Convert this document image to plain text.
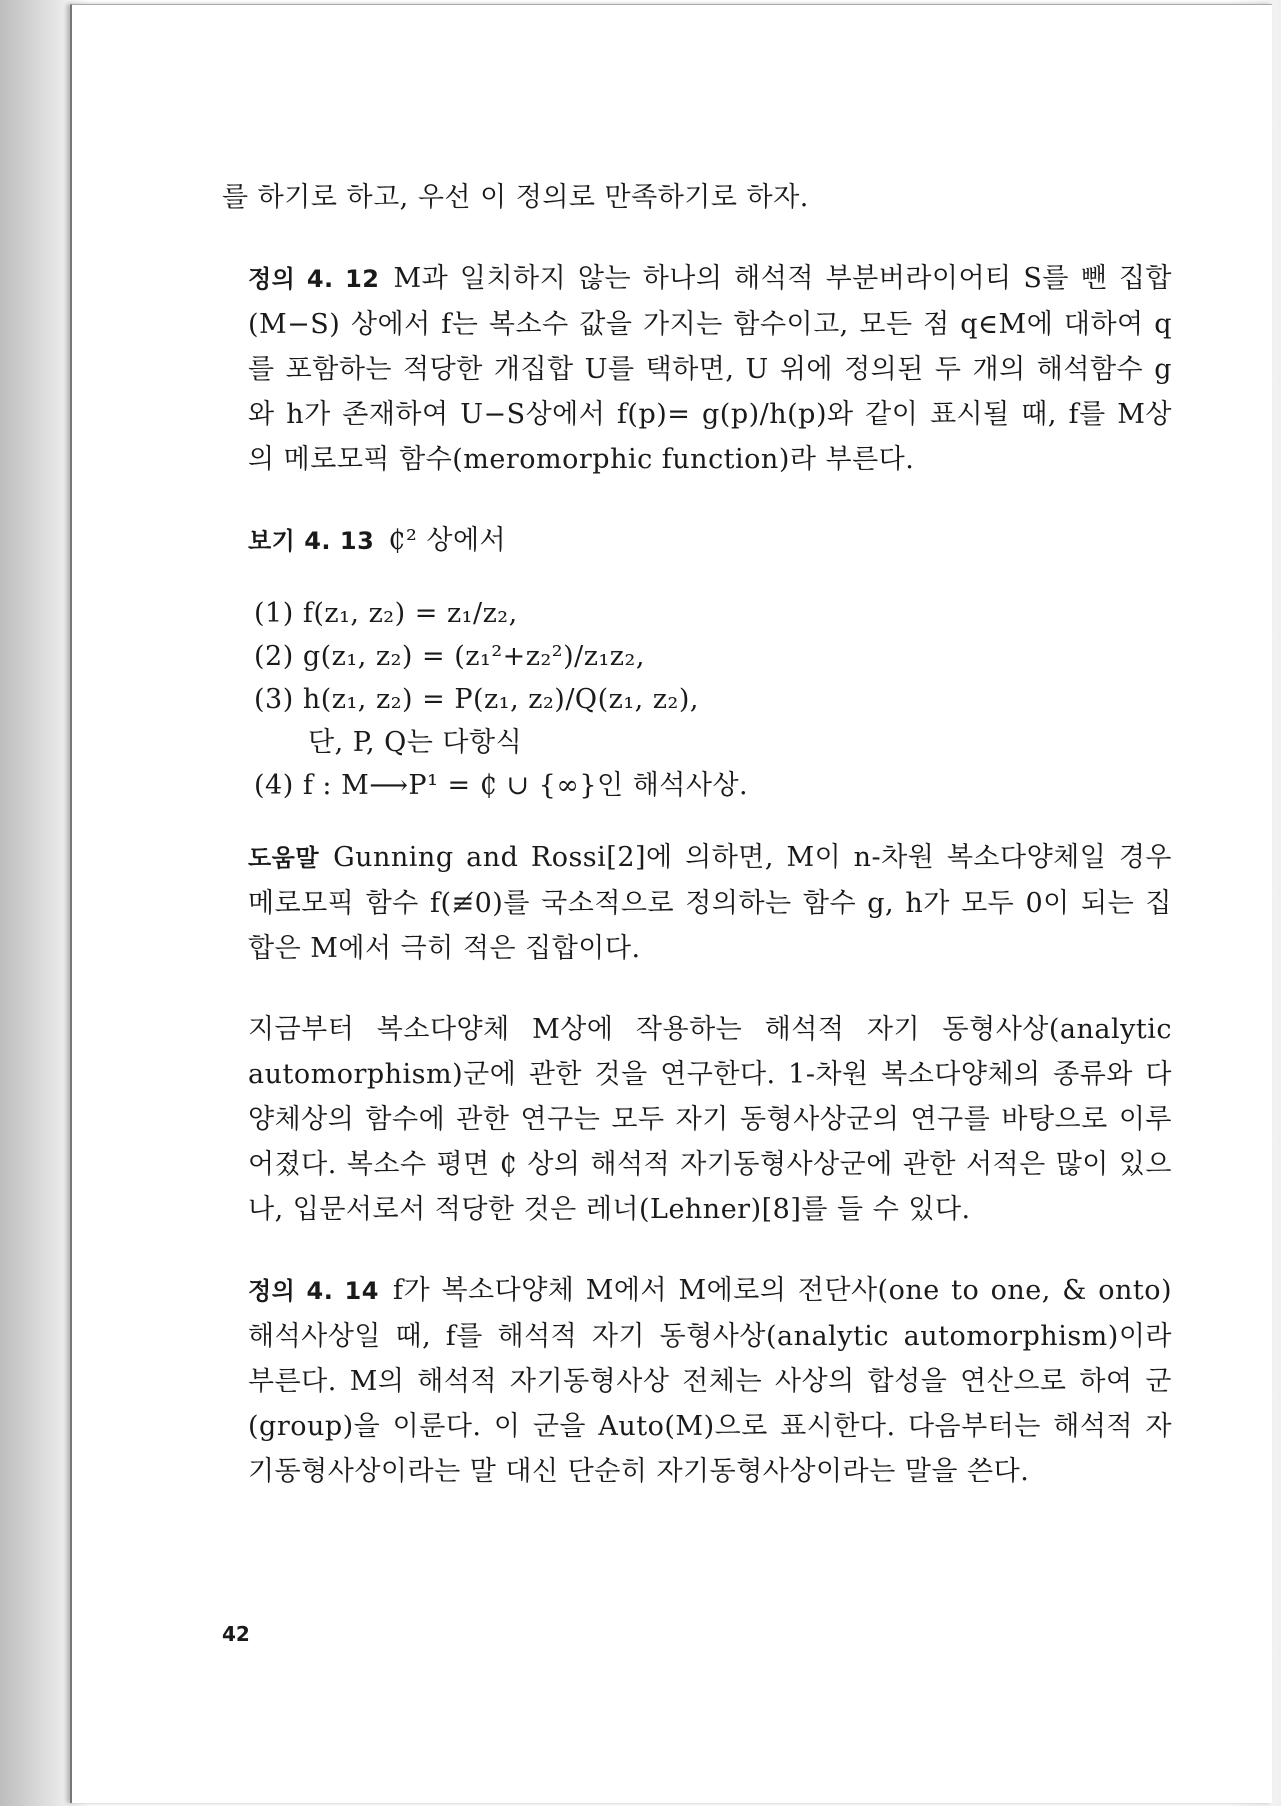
를 하기로 하고, 우선 이 정의로 만족하기로 하자.

정의 4. 12 M과 일치하지 않는 하나의 해석적 부분버라이어티 S를 뺀 집합 (M−S) 상에서 f는 복소수 값을 가지는 함수이고, 모든 점 q∈M에 대하여 q를 포함하는 적당한 개집합 U를 택하면, U 위에 정의된 두 개의 해석함수 g와 h가 존재하여 U−S상에서 f(p)= g(p)/h(p)와 같이 표시될 때, f를 M상의 메로모픽 함수(meromorphic function)라 부른다.

보기 4. 13 ₵² 상에서

(1) f(z₁, z₂) = z₁/z₂,

(2) g(z₁, z₂) = (z₁²+z₂²)/z₁z₂,

(3) h(z₁, z₂) = P(z₁, z₂)/Q(z₁, z₂),

단, P, Q는 다항식

(4) f : M⟶P¹ = ₵ ∪ {∞}인 해석사상.

도움말 Gunning and Rossi[2]에 의하면, M이 n-차원 복소다양체일 경우 메로모픽 함수 f(≢0)를 국소적으로 정의하는 함수 g, h가 모두 0이 되는 집합은 M에서 극히 적은 집합이다.

지금부터 복소다양체 M상에 작용하는 해석적 자기 동형사상(analytic automorphism)군에 관한 것을 연구한다. 1-차원 복소다양체의 종류와 다양체상의 함수에 관한 연구는 모두 자기 동형사상군의 연구를 바탕으로 이루어졌다. 복소수 평면 ₵ 상의 해석적 자기동형사상군에 관한 서적은 많이 있으나, 입문서로서 적당한 것은 레너(Lehner)[8]를 들 수 있다.

정의 4. 14 f가 복소다양체 M에서 M에로의 전단사(one to one, & onto) 해석사상일 때, f를 해석적 자기 동형사상(analytic automorphism)이라 부른다. M의 해석적 자기동형사상 전체는 사상의 합성을 연산으로 하여 군(group)을 이룬다. 이 군을 Auto(M)으로 표시한다. 다음부터는 해석적 자기동형사상이라는 말 대신 단순히 자기동형사상이라는 말을 쓴다.

42
